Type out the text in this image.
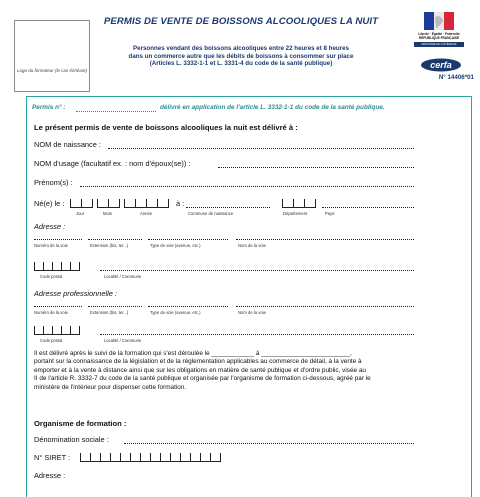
Logo du formateur (le cas échéant)
PERMIS DE VENTE DE BOISSONS ALCOOLIQUES LA NUIT
Personnes vendant des boissons alcooliques entre 22 heures et 8 heures
dans un commerce autre que les débits de boissons à consommer sur place
(Articles L. 3332-1-1 et L. 3331-4 du code de la santé publique)
Liberté · Égalité · Fraternité
RÉPUBLIQUE FRANÇAISE
MINISTÈRE DE L'INTÉRIEUR
cerfa
N° 14406*01
Permis n° :	délivré en application de l'article L. 3332-1-1 du code de la santé publique.
Le présent permis de vente de boissons alcooliques la nuit est délivré à :
NOM de naissance :
NOM d'usage (facultatif ex. : nom d'époux(se)) :
Prénom(s) :
Né(e) le :	à :
Jour	Mois	Année	Commune de naissance	Département	Pays
Adresse :
Numéro de la voie	Extension (bis, ter...)	Type de voie (avenue, etc.)	Nom de la voie
Code postal	Localité / Commune
Adresse professionnelle :
Numéro de la voie	Extension (bis, ter...)	Type de voie (avenue, etc.)	Nom de la voie
Code postal	Localité / Commune
Il est délivré après le suivi de la formation qui s'est déroulée le ____________ à _________________________,
portant sur la connaissance de la législation et de la réglementation applicables au commerce de détail, à la vente à
emporter et à la vente à distance ainsi que sur les obligations en matière de santé publique et d'ordre public, visée au
II de l'article R. 3332-7 du code de la santé publique et organisée par l'organisme de formation ci-dessous, agréé par le
ministère de l'intérieur pour dispenser cette formation.
Organisme de formation :
Dénomination sociale :
N° SIRET :
Adresse :
